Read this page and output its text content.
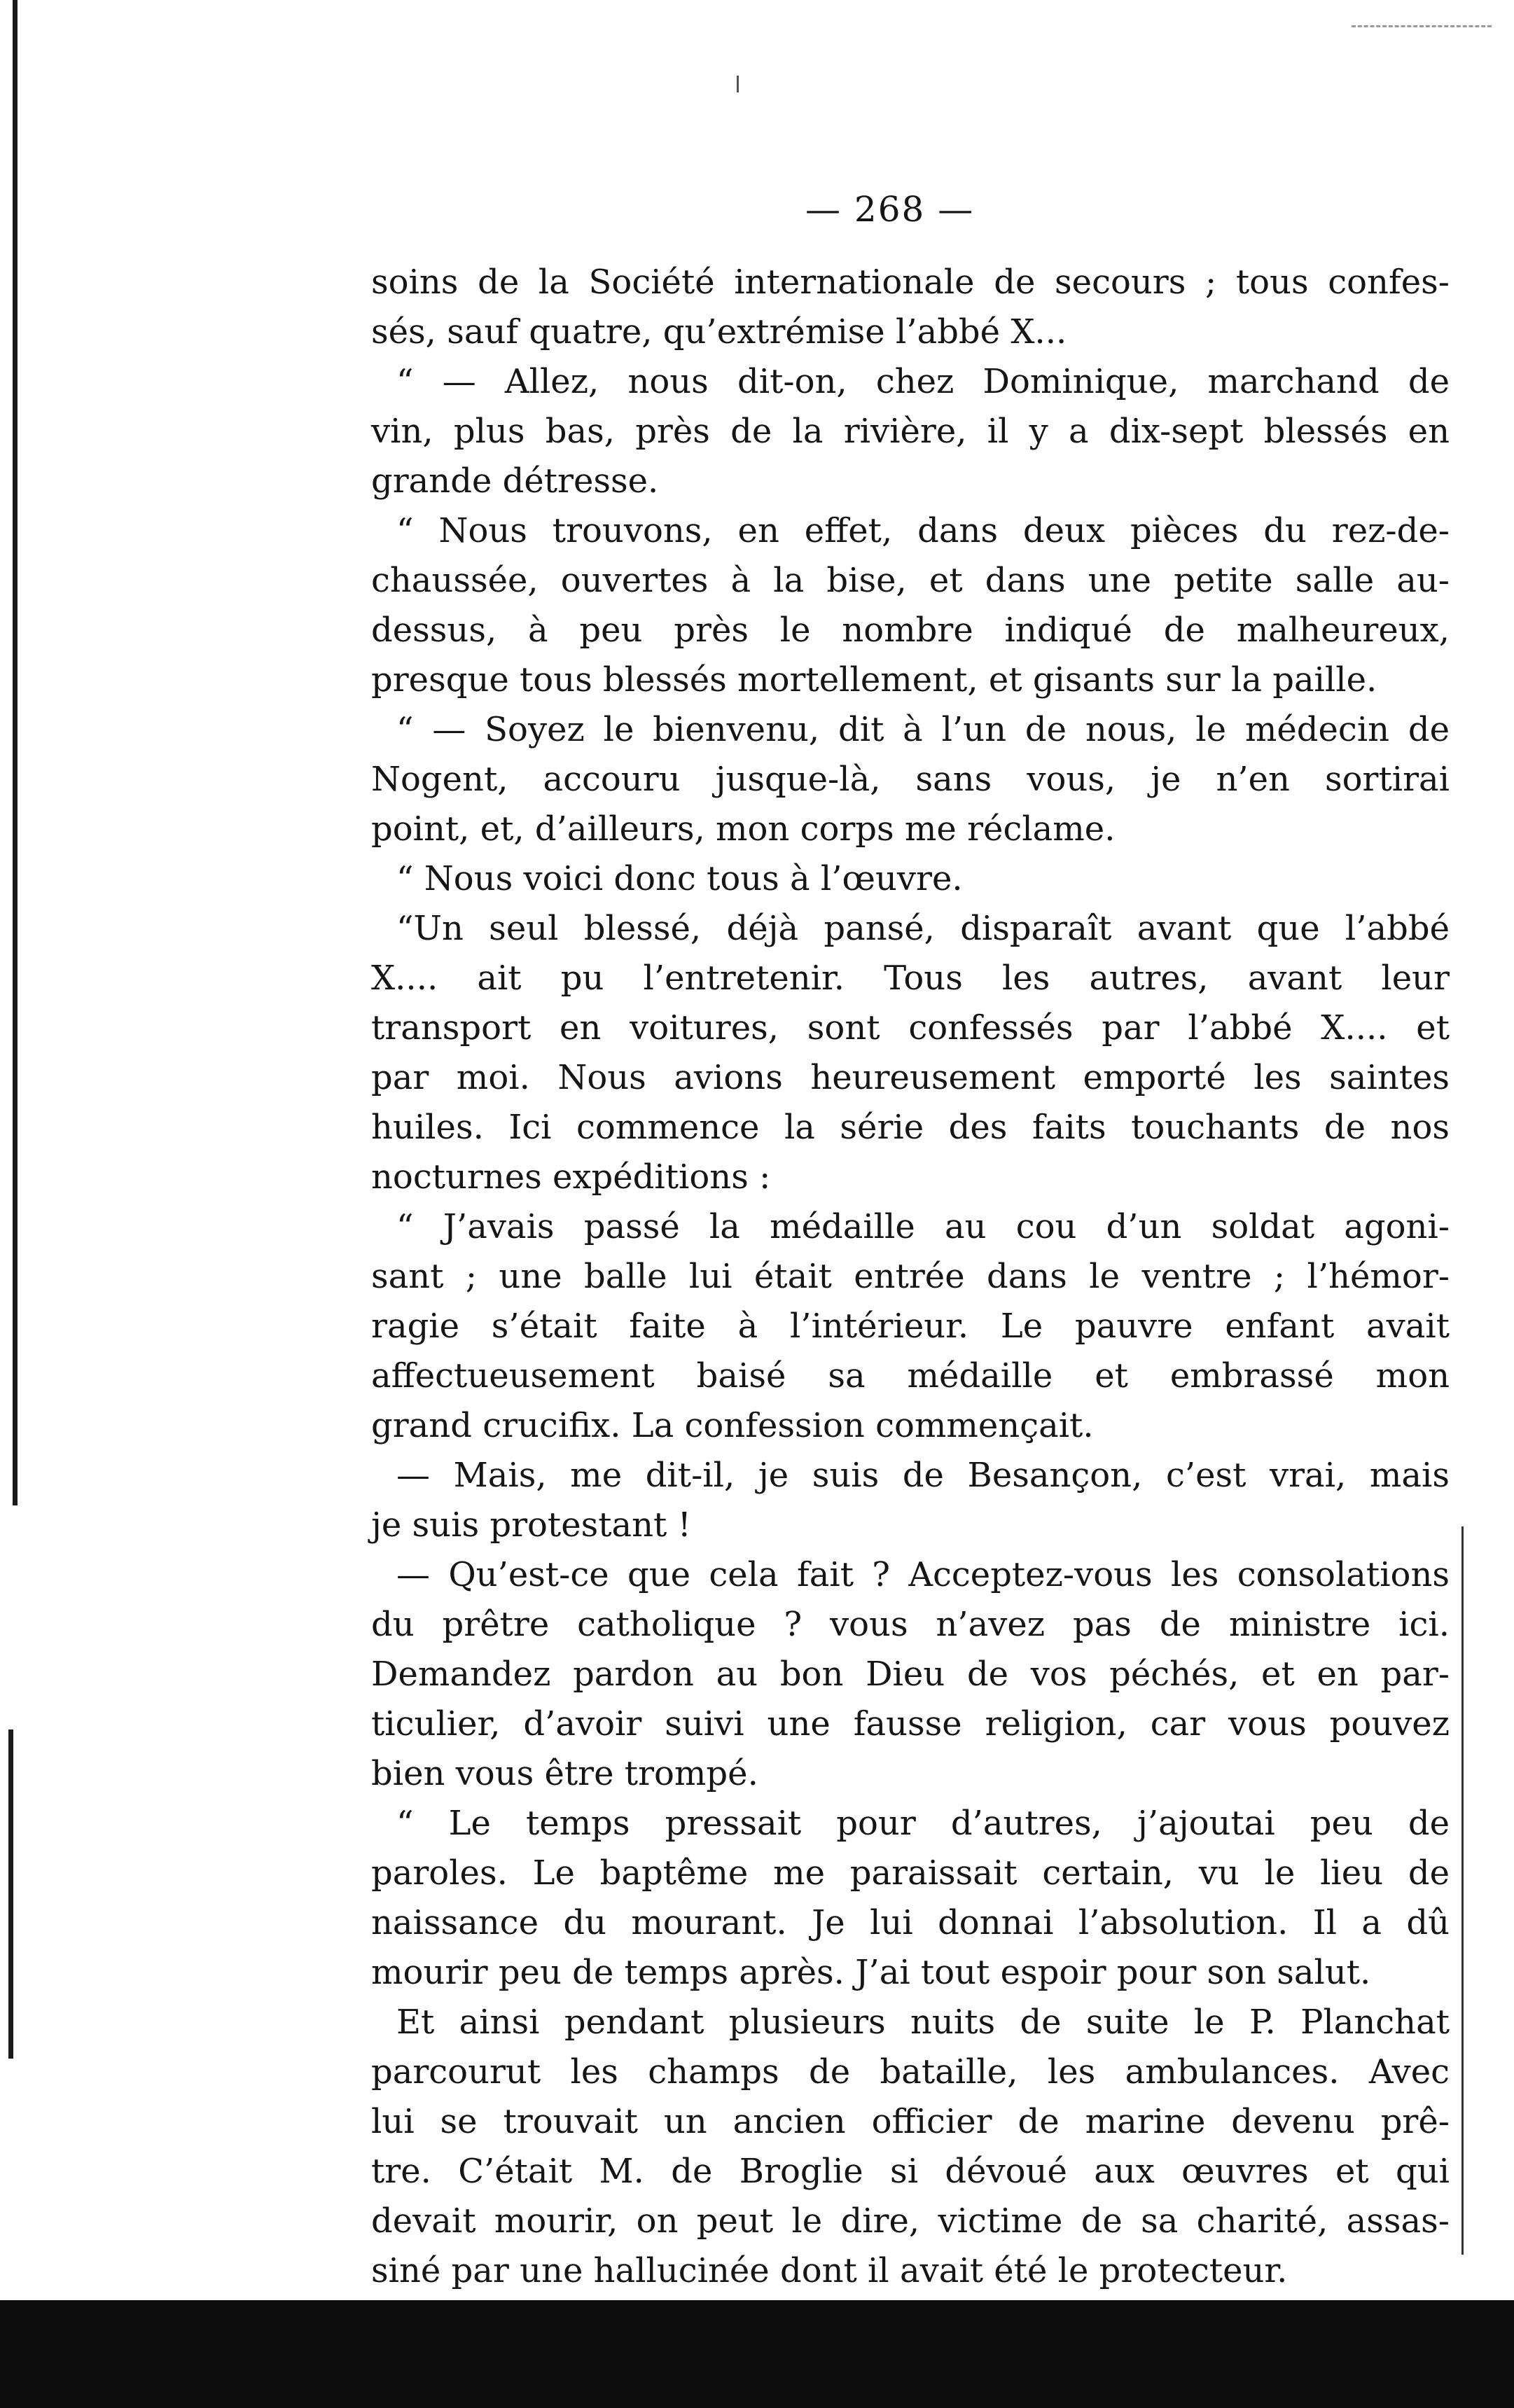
— 268 —
soins de la Société internationale de secours ; tous confes-
sés, sauf quatre, qu’extrémise l’abbé X...
“ — Allez, nous dit-on, chez Dominique, marchand de
vin, plus bas, près de la rivière, il y a dix-sept blessés en
grande détresse.
“ Nous trouvons, en effet, dans deux pièces du rez-de-
chaussée, ouvertes à la bise, et dans une petite salle au-
dessus, à peu près le nombre indiqué de malheureux,
presque tous blessés mortellement, et gisants sur la paille.
“ — Soyez le bienvenu, dit à l’un de nous, le médecin de
Nogent, accouru jusque-là, sans vous, je n’en sortirai
point, et, d’ailleurs, mon corps me réclame.
“ Nous voici donc tous à l’œuvre.
“Un seul blessé, déjà pansé, disparaît avant que l’abbé
X.... ait pu l’entretenir. Tous les autres, avant leur
transport en voitures, sont confessés par l’abbé X.... et
par moi. Nous avions heureusement emporté les saintes
huiles. Ici commence la série des faits touchants de nos
nocturnes expéditions :
“ J’avais passé la médaille au cou d’un soldat agoni-
sant ; une balle lui était entrée dans le ventre ; l’hémor-
ragie s’était faite à l’intérieur. Le pauvre enfant avait
affectueusement baisé sa médaille et embrassé mon
grand crucifix. La confession commençait.
— Mais, me dit-il, je suis de Besançon, c’est vrai, mais
je suis protestant !
— Qu’est-ce que cela fait ? Acceptez-vous les consolations
du prêtre catholique ? vous n’avez pas de ministre ici.
Demandez pardon au bon Dieu de vos péchés, et en par-
ticulier, d’avoir suivi une fausse religion, car vous pouvez
bien vous être trompé.
“ Le temps pressait pour d’autres, j’ajoutai peu de
paroles. Le baptême me paraissait certain, vu le lieu de
naissance du mourant. Je lui donnai l’absolution. Il a dû
mourir peu de temps après. J’ai tout espoir pour son salut.
Et ainsi pendant plusieurs nuits de suite le P. Planchat
parcourut les champs de bataille, les ambulances. Avec
lui se trouvait un ancien officier de marine devenu prê-
tre. C’était M. de Broglie si dévoué aux œuvres et qui
devait mourir, on peut le dire, victime de sa charité, assas-
siné par une hallucinée dont il avait été le protecteur.
